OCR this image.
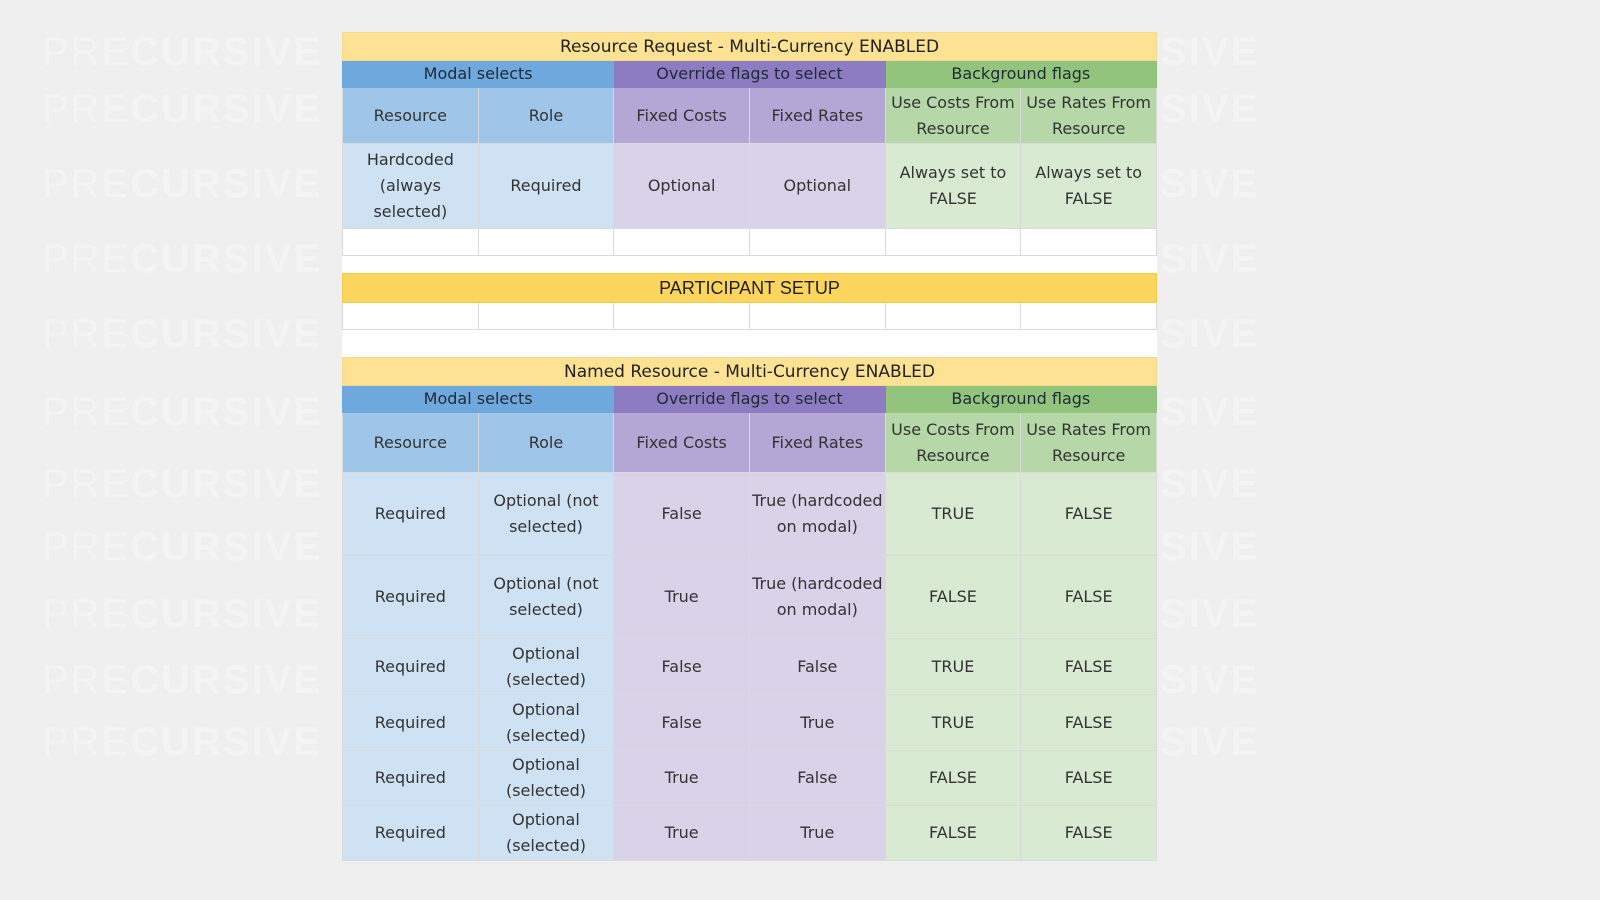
PRECURSIVE
PRECURSIVE
PRECURSIVE
PRECURSIVE
PRECURSIVE
PRECURSIVE
PRECURSIVE
PRECURSIVE
PRECURSIVE
PRECURSIVE
PRECURSIVE
SIVE
SIVE
SIVE
SIVE
SIVE
SIVE
SIVE
SIVE
SIVE
SIVE
SIVE
Resource Request - Multi-Currency ENABLED					
Modal selects		Override flags to select		Background flags	
Resource	Role	Fixed Costs	Fixed Rates	Use Costs From Resource	Use Rates From Resource
Hardcoded (always selected)	Required	Optional	Optional	Always set to FALSE	Always set to FALSE

PARTICIPANT SETUP

Named Resource - Multi-Currency ENABLED					
Modal selects		Override flags to select		Background flags	
Resource	Role	Fixed Costs	Fixed Rates	Use Costs From Resource	Use Rates From Resource
Required	Optional (not selected)	False	True (hardcoded on modal)	TRUE	FALSE
Required	Optional (not selected)	True	True (hardcoded on modal)	FALSE	FALSE
Required	Optional (selected)	False	False	TRUE	FALSE
Required	Optional (selected)	False	True	TRUE	FALSE
Required	Optional (selected)	True	False	FALSE	FALSE
Required	Optional (selected)	True	True	FALSE	FALSE
